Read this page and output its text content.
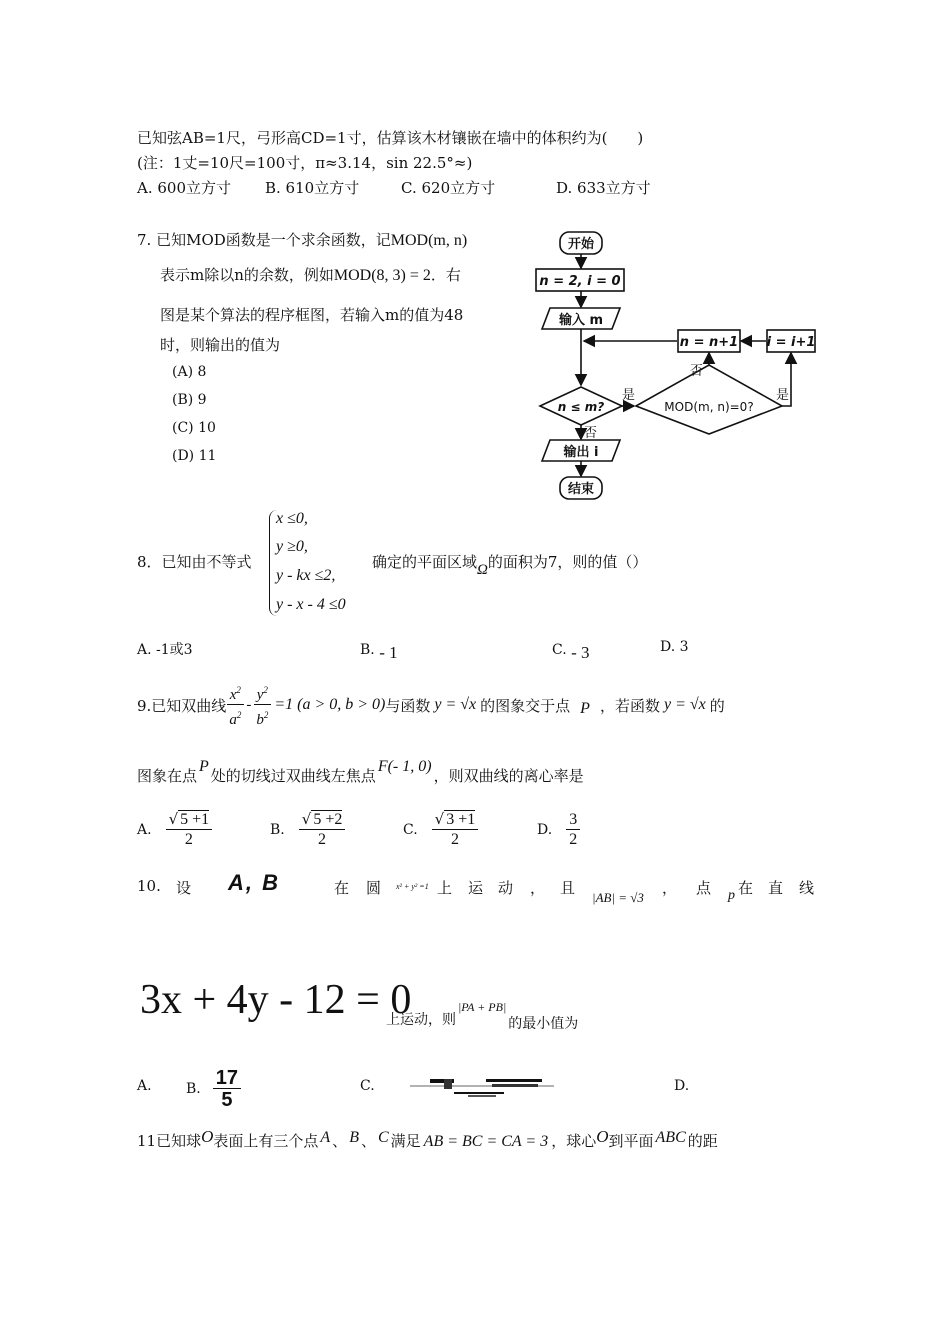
已知弦AB=1尺，弓形高CD=1寸，估算该木材镶嵌在墙中的体积约为(　　)
(注：1丈=10尺=100寸，π≈3.14，sin 22.5°≈)
A. 600立方寸 B. 610立方寸	C. 620立方寸	D. 633立方寸
7. 已知MOD函数是一个求余函数，记MOD(m, n)
表示m除以n的余数，例如MOD(8, 3) = 2．右
图是某个算法的程序框图，若输入m的值为48
时，则输出的值为
(A) 8
(B) 9
(C) 10
(D) 11
开始
n = 2, i = 0
输入 m
n = n+1 i = i+1
n ≤ m?	MOD(m, n)=0?
输出 i
结束
是	是
否
否
8．已知由不等式
x ≤0,
y ≥0,
y - kx ≤2,
y - x - 4 ≤0
确定的平面区域Ω的面积为7，则的值（）
A. -1或3	B. - 1	C. - 3	D. 3
9.已知双曲线 $\frac{x^2}{a^2} - \frac{y^2}{b^2} =1$ (a > 0, b > 0) 与函数 y = √x 的图象交于点 P ，若函数 y = √x 的
图象在点
P
处的切线过双曲线左焦点
F(- 1, 0)
，则双曲线的离心率是
A. $\frac{√ 5 +1}{2}$	B. $\frac{√ 5 +2}{2}$	C. $\frac{√ 3 +1}{2}$	D. $\frac{3}{2}$
10. 设 A, B	在 圆 x² + y² =1 上 运 动 ， 且
|AB| = √3
， 点 p 在 直 线
3x + 4y - 12 = 0
上运动，则
|PA + PB|
的最小值为
A. B. $\frac{17}{5}$	C.	D.
11已知球 O 表面上有三个点 A 、 B 、 C 满足 AB = BC = CA = 3 ，球心 O 到平面 ABC 的距
